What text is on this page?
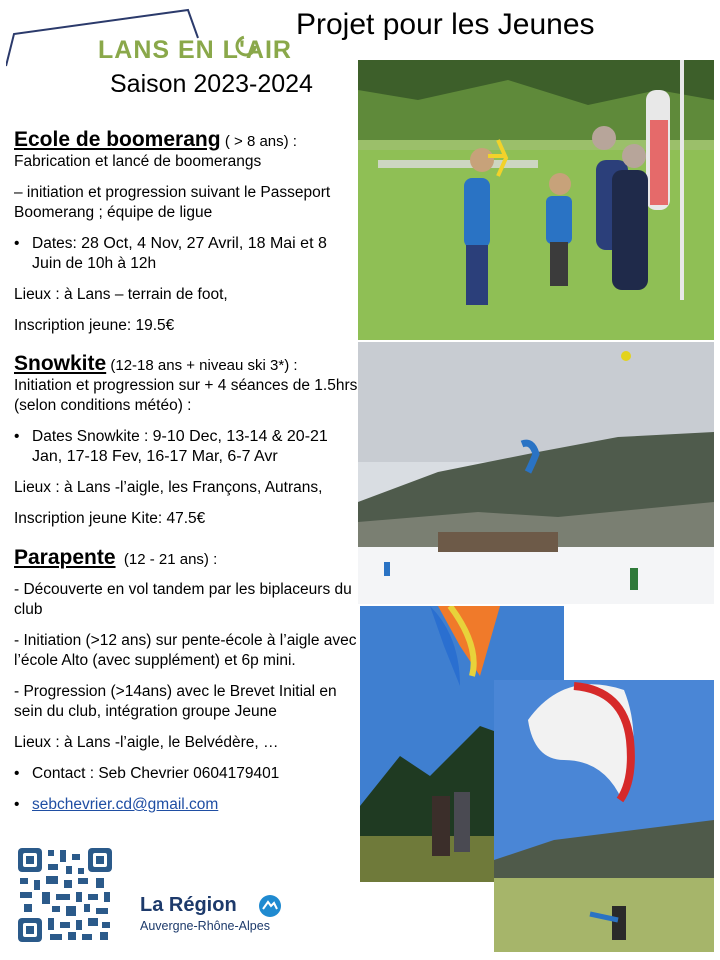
LANS EN L'AIR
Projet pour les Jeunes
Saison 2023-2024
Ecole de boomerang ( > 8 ans) :
Fabrication et lancé de boomerangs
– initiation et progression suivant le Passeport Boomerang ; équipe de ligue
• Dates: 28 Oct, 4 Nov, 27 Avril, 18 Mai et 8 Juin de 10h à 12h
Lieux : à Lans – terrain de foot,
Inscription jeune: 19.5€
Snowkite (12-18 ans + niveau ski 3*) :
Initiation et progression sur + 4 séances de 1.5hrs (selon conditions météo) :
• Dates Snowkite : 9-10 Dec, 13-14 & 20-21 Jan, 17-18 Fev, 16-17 Mar, 6-7 Avr
Lieux : à Lans -l’aigle, les Françons, Autrans,
Inscription jeune Kite: 47.5€
Parapente (12 - 21 ans) :
- Découverte en vol tandem par les biplaceurs du club
- Initiation (>12 ans) sur pente-école à l’aigle avec l’école Alto (avec supplément) et 6p mini.
- Progression (>14ans) avec le Brevet Initial en sein du club, intégration groupe Jeune
Lieux : à Lans -l’aigle, le Belvédère, …
• Contact : Seb Chevrier 0604179401
• sebchevrier.cd@gmail.com
La Région
Auvergne-Rhône-Alpes
